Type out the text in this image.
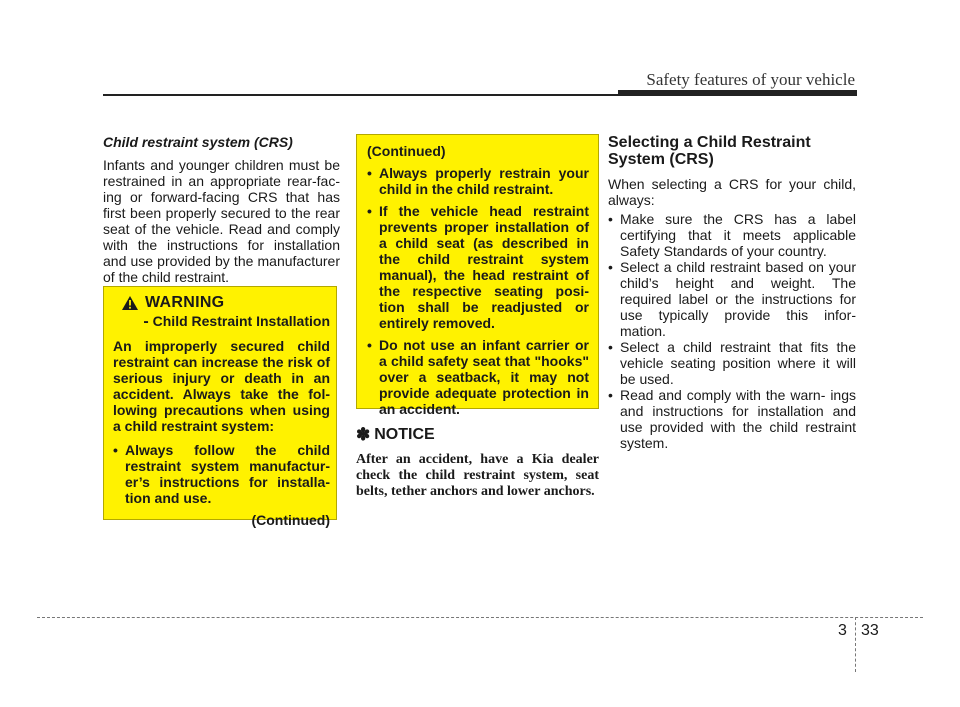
Safety features of your vehicle
Child restraint system (CRS)

Infants and younger children must be restrained in an appropriate rear-fac- ing or forward-facing CRS that has first been properly secured to the rear seat of the vehicle. Read and comply with the instructions for installation and use provided by the manufacturer of the child restraint.

WARNING
- Child Restraint Installation

An improperly secured child restraint can increase the risk of serious injury or death in an accident. Always take the fol- lowing precautions when using a child restraint system:

• Always follow the child restraint system manufactur- er’s instructions for installa- tion and use.
(Continued)
(Continued)
• Always properly restrain your child in the child restraint.
• If the vehicle head restraint prevents proper installation of a child seat (as described in the child restraint system manual), the head restraint of the respective seating posi- tion shall be readjusted or entirely removed.
• Do not use an infant carrier or a child safety seat that "hooks" over a seatback, it may not provide adequate protection in an accident.
✽ NOTICE
After an accident, have a Kia dealer check the child restraint system, seat belts, tether anchors and lower anchors.
Selecting a Child Restraint System (CRS)

When selecting a CRS for your child, always:

• Make sure the CRS has a label certifying that it meets applicable Safety Standards of your country.
• Select a child restraint based on your child’s height and weight. The required label or the instructions for use typically provide this infor- mation.
• Select a child restraint that fits the vehicle seating position where it will be used.
• Read and comply with the warn- ings and instructions for installation and use provided with the child restraint system.
3 33
